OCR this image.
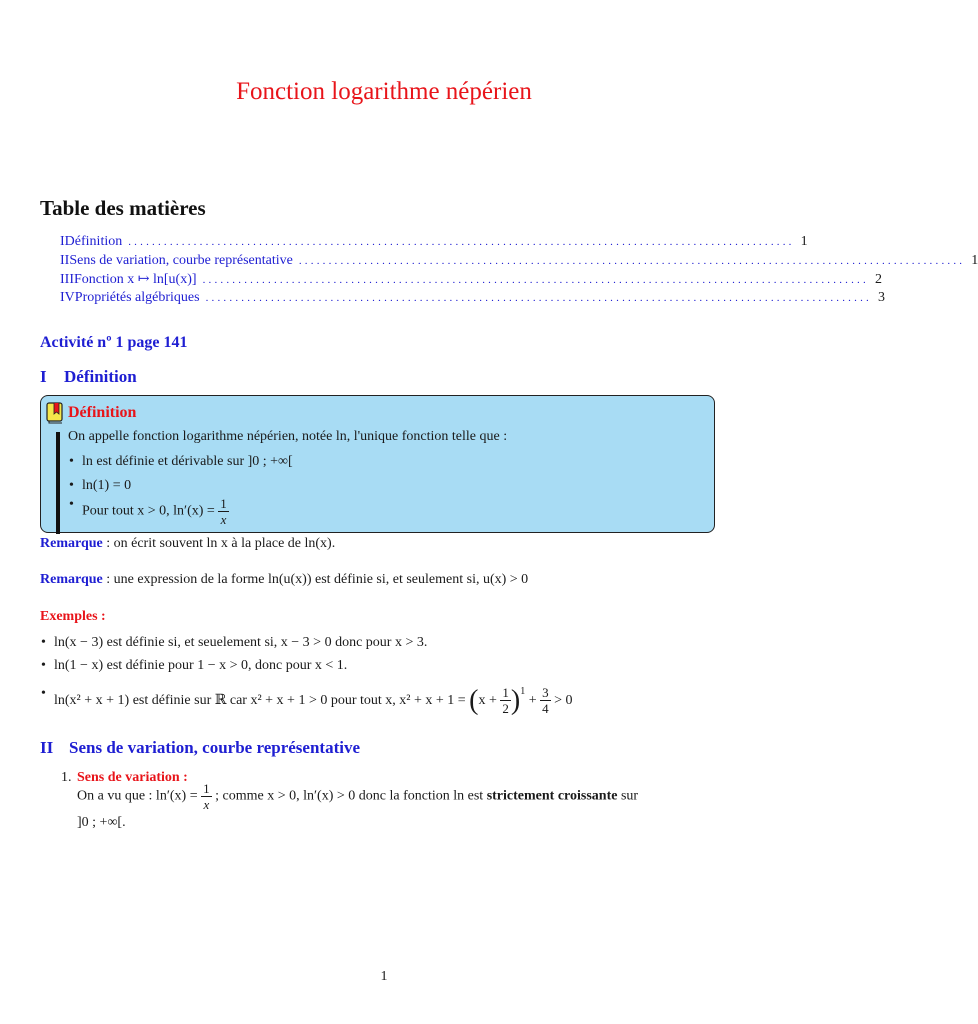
Fonction logarithme népérien
Table des matières
I Définition ................................................................................................................ 1
II Sens de variation, courbe représentative ................................................................................................................ 1
III Fonction x ↦ ln[u(x)] ................................................................................................................ 2
IV Propriétés algébriques ................................................................................................................ 3
Activité nº 1 page 141
I Définition
Définition
On appelle fonction logarithme népérien, notée ln, l'unique fonction telle que :
• ln est définie et dérivable sur ]0 ; +∞[
• ln(1) = 0
• Pour tout x > 0, $\ln'(x) = \frac{1}{x}$
Remarque : on écrit souvent ln x à la place de ln(x).
Remarque : une expression de la forme ln(u(x)) est définie si, et seulement si, u(x) > 0
Exemples :
• ln(x − 3) est définie si, et seuelement si, x − 3 > 0 donc pour x > 3.
• ln(1 − x) est définie pour 1 − x > 0, donc pour x < 1.
• ln(x² + x + 1) est définie sur ℝ car x² + x + 1 > 0 pour tout x, $x^2 + x + 1 = (x + \frac{1}{2} )^1 + \frac{3}{4} > 0$
II Sens de variation, courbe représentative
1. Sens de variation :
On a vu que : $\ln'(x) = \frac{1}{x}$ ; comme x > 0, ln′(x) > 0 donc la fonction ln est strictement croissante sur
]0 ; +∞[.
1
